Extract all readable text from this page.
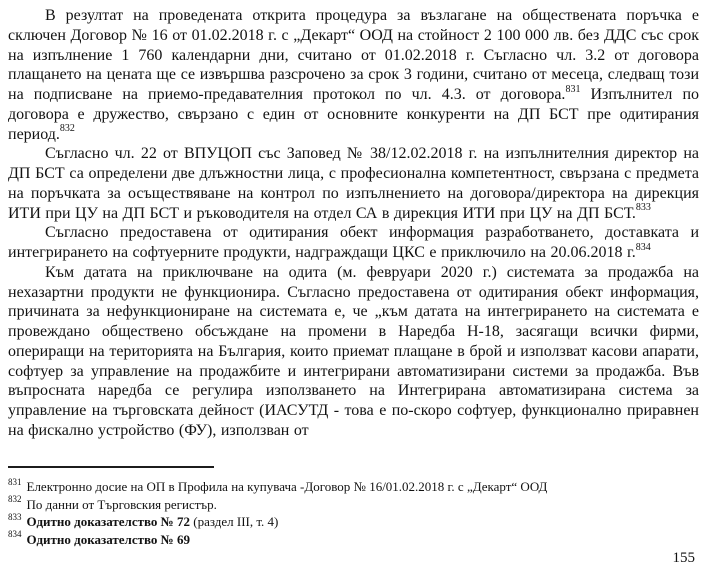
В резултат на проведената открита процедура за възлагане на обществената поръчка е сключен Договор № 16 от 01.02.2018 г. с „Декарт“ ООД на стойност 2 100 000 лв. без ДДС със срок на изпълнение 1 760 календарни дни, считано от 01.02.2018 г. Съгласно чл. 3.2 от договора плащането на цената ще се извършва разсрочено за срок 3 години, считано от месеца, следващ този на подписване на приемо-предавателния протокол по чл. 4.3. от договора.$^{831}$ Изпълнител по договора е дружество, свързано с един от основните конкуренти на ДП БСТ пре одитирания период.$^{832}$

Съгласно чл. 22 от ВПУЦОП със Заповед № 38/12.02.2018 г. на изпълнителния директор на ДП БСТ са определени две длъжностни лица, с професионална компетентност, свързана с предмета на поръчката за осъществяване на контрол по изпълнението на договора/директора на дирекция ИТИ при ЦУ на ДП БСТ и ръководителя на отдел СА в дирекция ИТИ при ЦУ на ДП БСТ.$^{833}$

Съгласно предоставена от одитирания обект информация разработването, доставката и интегрирането на софтуерните продукти, надграждащи ЦКС е приключило на 20.06.2018 г.$^{834}$

Към датата на приключване на одита (м. февруари 2020 г.) системата за продажба на нехазартни продукти не функционира. Съгласно предоставена от одитирания обект информация, причината за нефункциониране на системата е, че „към датата на интегрирането на системата е провеждано обществено обсъждане на промени в Наредба Н-18, засягащи всички фирми, опериращи на територията на България, които приемат плащане в брой и използват касови апарати, софтуер за управление на продажбите и интегрирани автоматизирани системи за продажба. Във въпросната наредба се регулира използването на Интегрирана автоматизирана система за управление на търговската дейност (ИАСУТД - това е по-скоро софтуер, функционално приравнен на фискално устройство (ФУ), използван от

$^{831}$ Електронно досие на ОП в Профила на купувача -Договор № 16/01.02.2018 г. с „Декарт“ ООД
$^{832}$ По данни от Търговския регистър.
$^{833}$ Одитно доказателство № 72 (раздел III, т. 4)
$^{834}$ Одитно доказателство № 69
155
